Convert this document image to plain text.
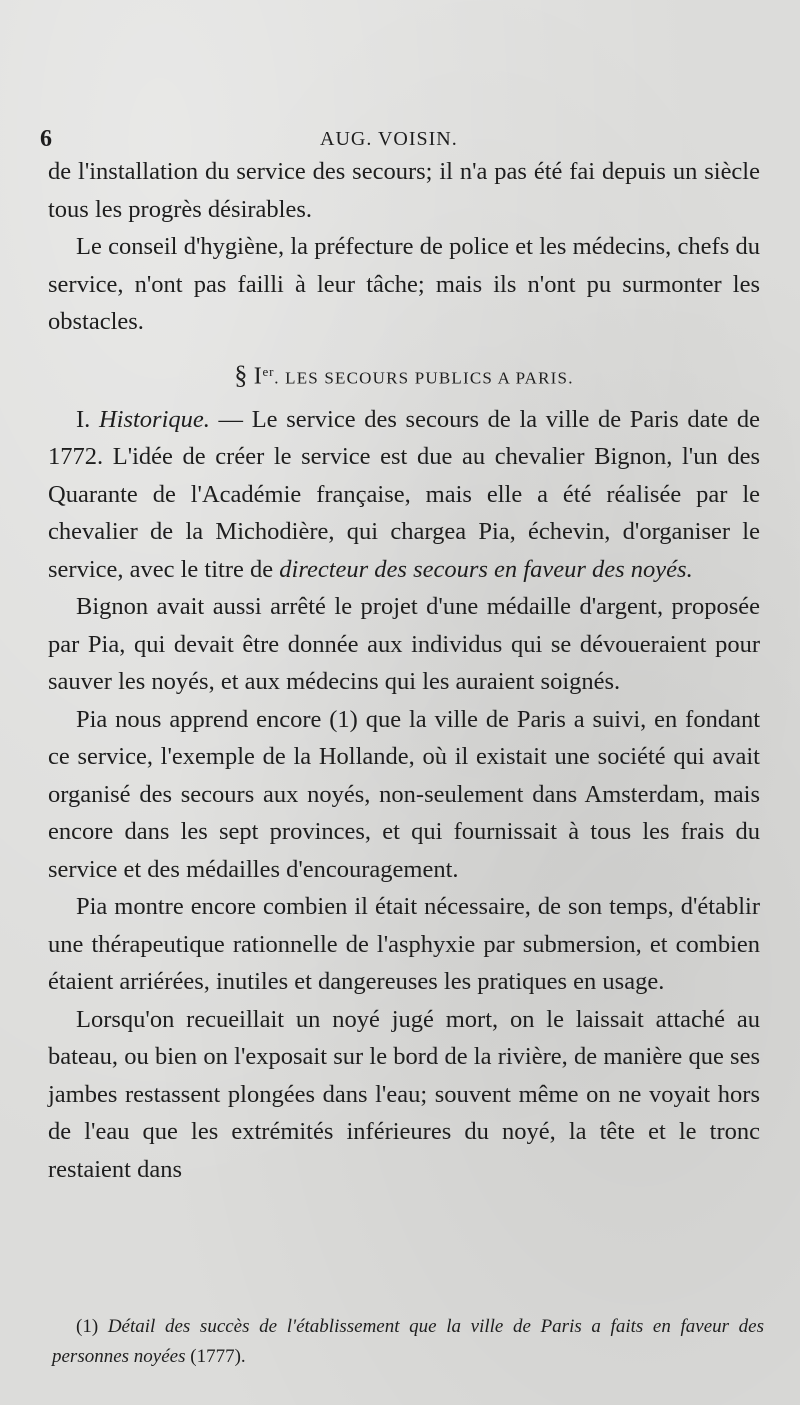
6	AUG. VOISIN.

de l'installation du service des secours; il n'a pas été fai depuis un siècle tous les progrès désirables.

Le conseil d'hygiène, la préfecture de police et les médecins, chefs du service, n'ont pas failli à leur tâche; mais ils n'ont pu surmonter les obstacles.

§ Ier. LES SECOURS PUBLICS A PARIS.

I. Historique. — Le service des secours de la ville de Paris date de 1772. L'idée de créer le service est due au chevalier Bignon, l'un des Quarante de l'Académie française, mais elle a été réalisée par le chevalier de la Michodière, qui chargea Pia, échevin, d'organiser le service, avec le titre de directeur des secours en faveur des noyés.

Bignon avait aussi arrêté le projet d'une médaille d'argent, proposée par Pia, qui devait être donnée aux individus qui se dévoueraient pour sauver les noyés, et aux médecins qui les auraient soignés.

Pia nous apprend encore (1) que la ville de Paris a suivi, en fondant ce service, l'exemple de la Hollande, où il existait une société qui avait organisé des secours aux noyés, non-seulement dans Amsterdam, mais encore dans les sept provinces, et qui fournissait à tous les frais du service et des médailles d'encouragement.

Pia montre encore combien il était nécessaire, de son temps, d'établir une thérapeutique rationnelle de l'asphyxie par submersion, et combien étaient arriérées, inutiles et dangereuses les pratiques en usage.

Lorsqu'on recueillait un noyé jugé mort, on le laissait attaché au bateau, ou bien on l'exposait sur le bord de la rivière, de manière que ses jambes restassent plongées dans l'eau; souvent même on ne voyait hors de l'eau que les extrémités inférieures du noyé, la tête et le tronc restaient dans

(1) Détail des succès de l'établissement que la ville de Paris a faits en faveur des personnes noyées (1777).
